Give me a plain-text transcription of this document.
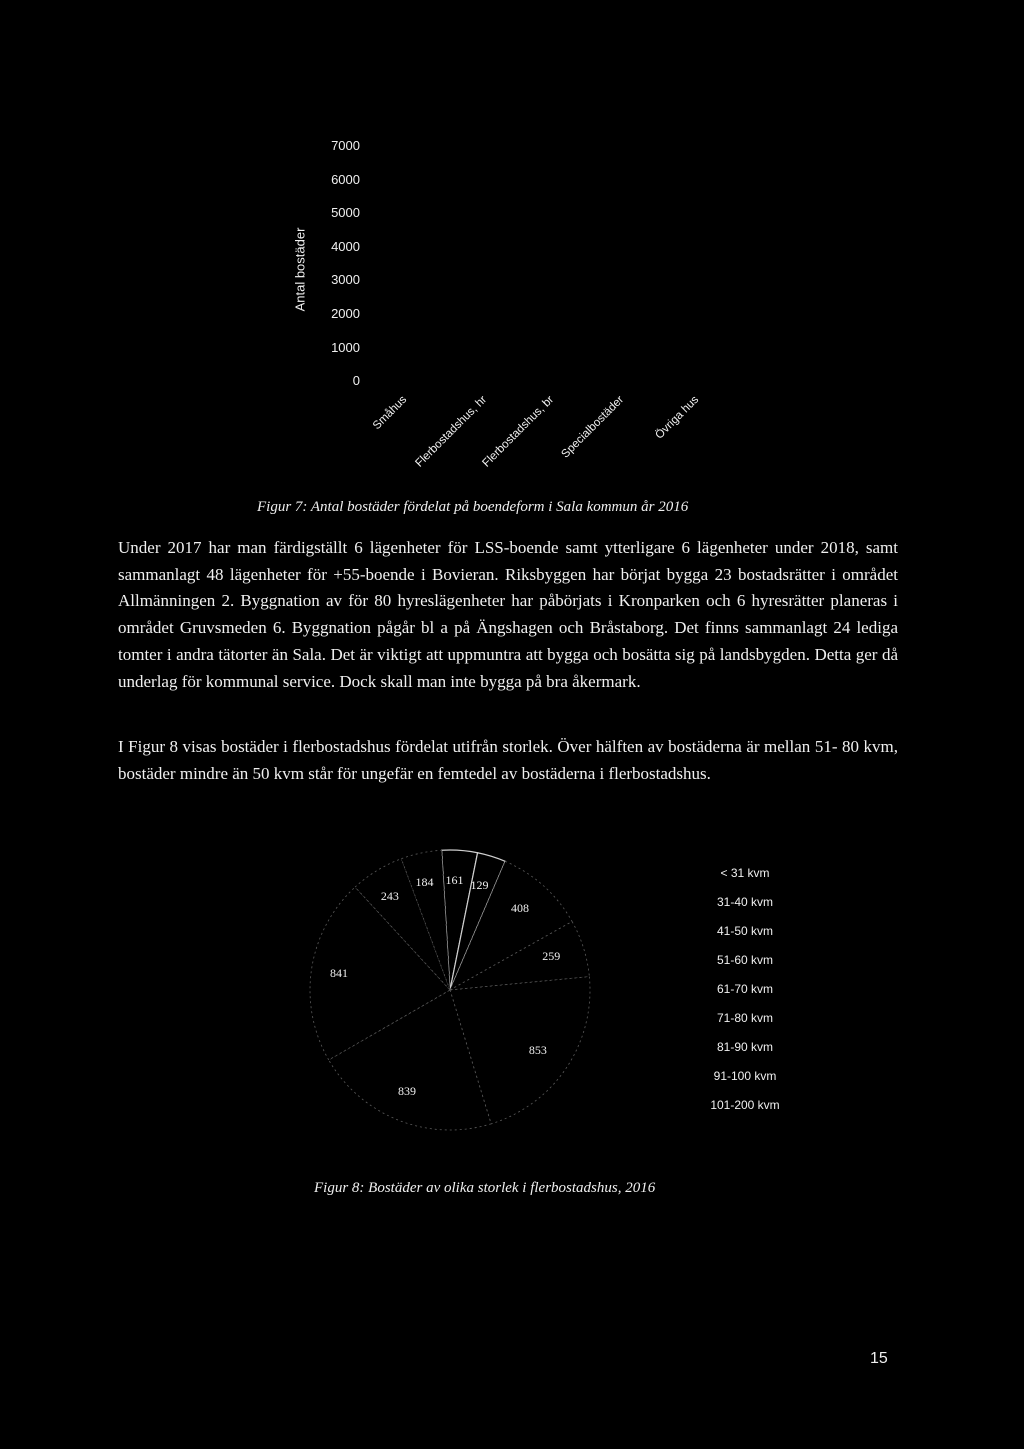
Antal bostäder
7000
6000
5000
4000
3000
2000
1000
0
Småhus Flerbostadshus, hr
Flerbostadshus, br Specialbostäder	Övriga hus
Figur 7: Antal bostäder fördelat på boendeform i Sala kommun år 2016

Under 2017 har man färdigställt 6 lägenheter för LSS-boende samt ytterligare 6 lägenheter under 2018, samt sammanlagt 48 lägenheter för +55-boende i Bovieran. Riksbyggen har börjat bygga 23 bostadsrätter i området Allmänningen 2. Byggnation av för 80 hyreslägenheter har påbörjats i Kronparken och 6 hyresrätter planeras i området Gruvsmeden 6. Byggnation pågår bl a på Ängshagen och Bråstaborg. Det finns sammanlagt 24 lediga tomter i andra tätorter än Sala. Det är viktigt att uppmuntra att bygga och bosätta sig på landsbygden. Detta ger då underlag för kommunal service. Dock skall man inte bygga på bra åkermark.

I Figur 8 visas bostäder i flerbostadshus fördelat utifrån storlek. Över hälften av bostäderna är mellan 51- 80 kvm, bostäder mindre än 50 kvm står för ungefär en femtedel av bostäderna i flerbostadshus.

161 129
408
259
853
839
841
243
184
< 31 kvm
31-40 kvm
41-50 kvm
51-60 kvm
61-70 kvm
71-80 kvm
81-90 kvm
91-100 kvm
101-200 kvm
Figur 8: Bostäder av olika storlek i flerbostadshus, 2016
15
